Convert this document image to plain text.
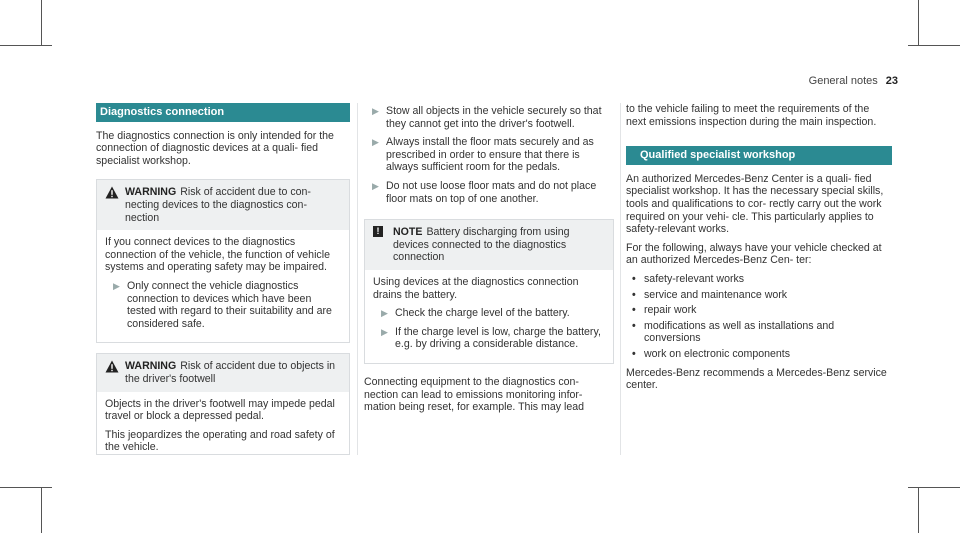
General notes 23
Diagnostics connection

The diagnostics connection is only intended for the connection of diagnostic devices at a quali- fied specialist workshop.

WARNING Risk of accident due to con- necting devices to the diagnostics con- nection

If you connect devices to the diagnostics connection of the vehicle, the function of vehicle systems and operating safety may be impaired.

▶ Only connect the vehicle diagnostics connection to devices which have been tested with regard to their suitability and are considered safe.
WARNING Risk of accident due to objects in the driver's footwell

Objects in the driver's footwell may impede pedal travel or block a depressed pedal.

This jeopardizes the operating and road safety of the vehicle.

▶ Stow all objects in the vehicle securely so that they cannot get into the driver's footwell.
▶ Always install the floor mats securely and as prescribed in order to ensure that there is always sufficient room for the pedals.
▶ Do not use loose floor mats and do not place floor mats on top of one another.
!	NOTE Battery discharging from using devices connected to the diagnostics connection

Using devices at the diagnostics connection drains the battery.

▶ Check the charge level of the battery.
▶ If the charge level is low, charge the battery, e.g. by driving a considerable distance.

Connecting equipment to the diagnostics con- nection can lead to emissions monitoring infor- mation being reset, for example. This may lead

to the vehicle failing to meet the requirements of the next emissions inspection during the main inspection.

Qualified specialist workshop

An authorized Mercedes-Benz Center is a quali- fied specialist workshop. It has the necessary special skills, tools and qualifications to cor- rectly carry out the work required on your vehi- cle. This particularly applies to safety-relevant works.

For the following, always have your vehicle checked at an authorized Mercedes-Benz Cen- ter:

• safety-relevant works
• service and maintenance work
• repair work
• modifications as well as installations and conversions
• work on electronic components

Mercedes-Benz recommends a Mercedes-Benz service center.
